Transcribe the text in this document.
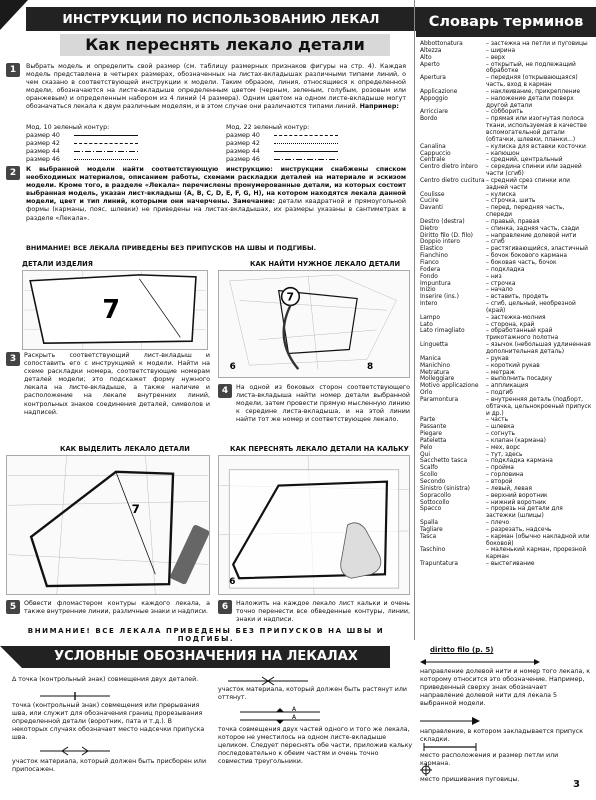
ИНСТРУКЦИИ ПО ИСПОЛЬЗОВАНИЮ ЛЕКАЛ
Как переснять лекало детали
Словарь терминов
1	Выбрать модель и определить свой размер (см. таблицу размерных признаков фигуры на стр. 4). Каждая модель представлена в четырех размерах, обозначенных на листах-вкладышах различными типами линий, о чем сказано в соответствующей инструкции к модели. Таким образом, линия, относящиеся к определенной модели, обозначаются на листе-вкладыше определенным цветом (черным, зеленым, голубым, розовым или оранжевым) и определенным набором из 4 линий (4 размера). Одним цветом на одном листе-вкладыше могут обозначаться лекала к двум различным моделям, и в этом случае они различаются типами линий. Например:
Мод. 10 зеленый контур:
размер 40
размер 42
размер 44
размер 46
Мод. 22 зеленый контур:
размер 40
размер 42
размер 44
размер 46
2	К выбранной модели найти соответствующую инструкцию: инструкции снабжены списком необходимых материалов, описанием работы, схемами раскладки деталей на материале и эскизом модели. Кроме того, в разделе «Лекала» перечислены пронумерованные детали, из которых состоит выбранная модель, указан лист-вкладыш (A, B, C, D, E, F, G, H), на котором находятся лекала данной модели, цвет и тип линий, которыми они начерчены. Замечание: детали квадратной и прямоугольной формы (карманы, пояс, шлевки) не приведены на листах-вкладышах, их размеры указаны в сантиметрах в разделе «Лекала».
ВНИМАНИЕ! ВСЕ ЛЕКАЛА ПРИВЕДЕНЫ БЕЗ ПРИПУСКОВ НА ШВЫ И ПОДГИБЫ.
ДЕТАЛИ ИЗДЕЛИЯ
7
3	Раскрыть соответствующий лист-вкладыш и сопоставить его с инструкцией к модели. Найти на схеме раскладки номера, соответствующие номерам деталей модели; это подскажет форму нужного лекала на листе-вкладыше, а также наличие и расположение на лекале внутренних линий, контрольных знаков соединения деталей, символов и надписей.
КАК НАЙТИ НУЖНОЕ ЛЕКАЛО ДЕТАЛИ
7
6	8
4	На одной из боковых сторон соответствующего листа-вкладыша найти номер детали выбранной модели, затем провести прямую мысленную линию к середине листа-вкладыша, и на этой линии найти тот же номер и соответствующее лекало.
КАК ВЫДЕЛИТЬ ЛЕКАЛО ДЕТАЛИ
7
5	Обвести фломастером контуры каждого лекала, а также внутренние линии, различные знаки и надписи.
КАК ПЕРЕСНЯТЬ ЛЕКАЛО ДЕТАЛИ НА КАЛЬКУ
6
6	Наложить на каждое лекало лист кальки и очень точно перенести все обведенные контуры, линии, знаки и надписи.
ВНИМАНИЕ! ВСЕ ЛЕКАЛА ПРИВЕДЕНЫ БЕЗ ПРИПУСКОВ НА ШВЫ И ПОДГИБЫ.
Abbottonatura	– застежка на петли и пуговицы
Altezza	– ширина
Alto	– верх
Aperto	– открытый, не подлежащий обработке
Apertura	– передняя (открывающаяся) часть, вход в карман
Applicazione	– наклеивание, прикрепление
Appoggio	– наложение детали поверх другой детали
Arricciare	– собборить
Bordo	– прямая или изогнутая полоса ткани, используемая в качестве вспомогательной детали (обтачки, шлевки, планки…)
Canalina	– кулиска для вставки косточки
Cappuccio	– капюшон
Centrale	– средний, центральный
Centro dietro intero	– середина спинки или задней части (сгиб)
Centro dietro cucitura – средний срез спинки или задней части
Coulisse	– кулиска
Cucire	– строчка, шить
Davanti	– перед, передняя часть, спереди
Destro (destra)	– правый, правая
Dietro	– спинка, задняя часть, сзади
Diritto filo (D. filo)	– направление долевой нити
Doppio intero	– сгиб
Elastico	– растягивающийся, эластичный
Fianchino	– бочок бокового кармана
Fianco	– боковая часть, бочок
Fodera	– подкладка
Fondo	– низ
Impuntura	– строчка
Inizio	– начало
Inserire (ins.)	– вставить, продеть
Intero	– сгиб, цельный, необрезной (край)
Lampo	– застежка-молния
Lato	– сторона, край
Lato rimagliato	– обработанный край трикотажного полотна
Linguetta	– язычок (небольшая удлиненная дополнительная деталь)
Manica	– рукав
Manichino	– короткий рукав
Metratura	– метраж
Molleggiare	– выполнить посадку
Motivo applicazione	– аппликация
Orlo	– подгиб
Paramontura	– внутренняя деталь (подборт, обтачка, цельнокроеный припуск и др.)
Parte	– часть
Passante	– шлевка
Piegare	– согнуть
Pateletta	– клапан (кармана)
Pelo	– мех, ворс
Qui	– тут, здесь
Sacchetto tasca	– подкладка кармана
Scalfo	– пройма
Scollo	– горловина
Secondo	– второй
Sinistro (sinistra)	– левый, левая
Sopracollo	– верхний воротник
Sottocollo	– нижний воротник
Spacco	– прорезь на детали для застежки (шлицы)
Spalla	– плечо
Tagliare	– разрезать, надсечь
Tasca	– карман (обычно накладной или боковой)
Taschino	– маленький карман, прорезной карман
Trapuntatura	– выстегивание
УСЛОВНЫЕ ОБОЗНАЧЕНИЯ НА ЛЕКАЛАХ
Δ точка (контрольный знак) совмещения двух деталей.
точка (контрольный знак) совмещения или прерывания шва, или служит для обозначения границ прорезывания определенной детали (воротник, пата и т.д.). В некоторых случаях обозначает место надсечки припуска шва.
участок материала, который должен быть присборен или припосажен.
участок материала, который должен быть растянут или оттянут.
A
A
точка совмещения двух частей одного и того же лекала, которое не уместилось на одном листе-вкладыше целиком. Следует переснять обе части, приложив кальку последовательно к обеим частям и очень точно совместив треугольники.
diritto filo (p. 5)
направление долевой нити и номер того лекала, к которому относится это обозначение. Например, приведенный сверху знак обозначает направление долевой нити для лекала 5 выбранной модели.
направление, в котором закладывается припуск складки.
место расположения и размер петли или кармана.
место пришивания пуговицы.	3
